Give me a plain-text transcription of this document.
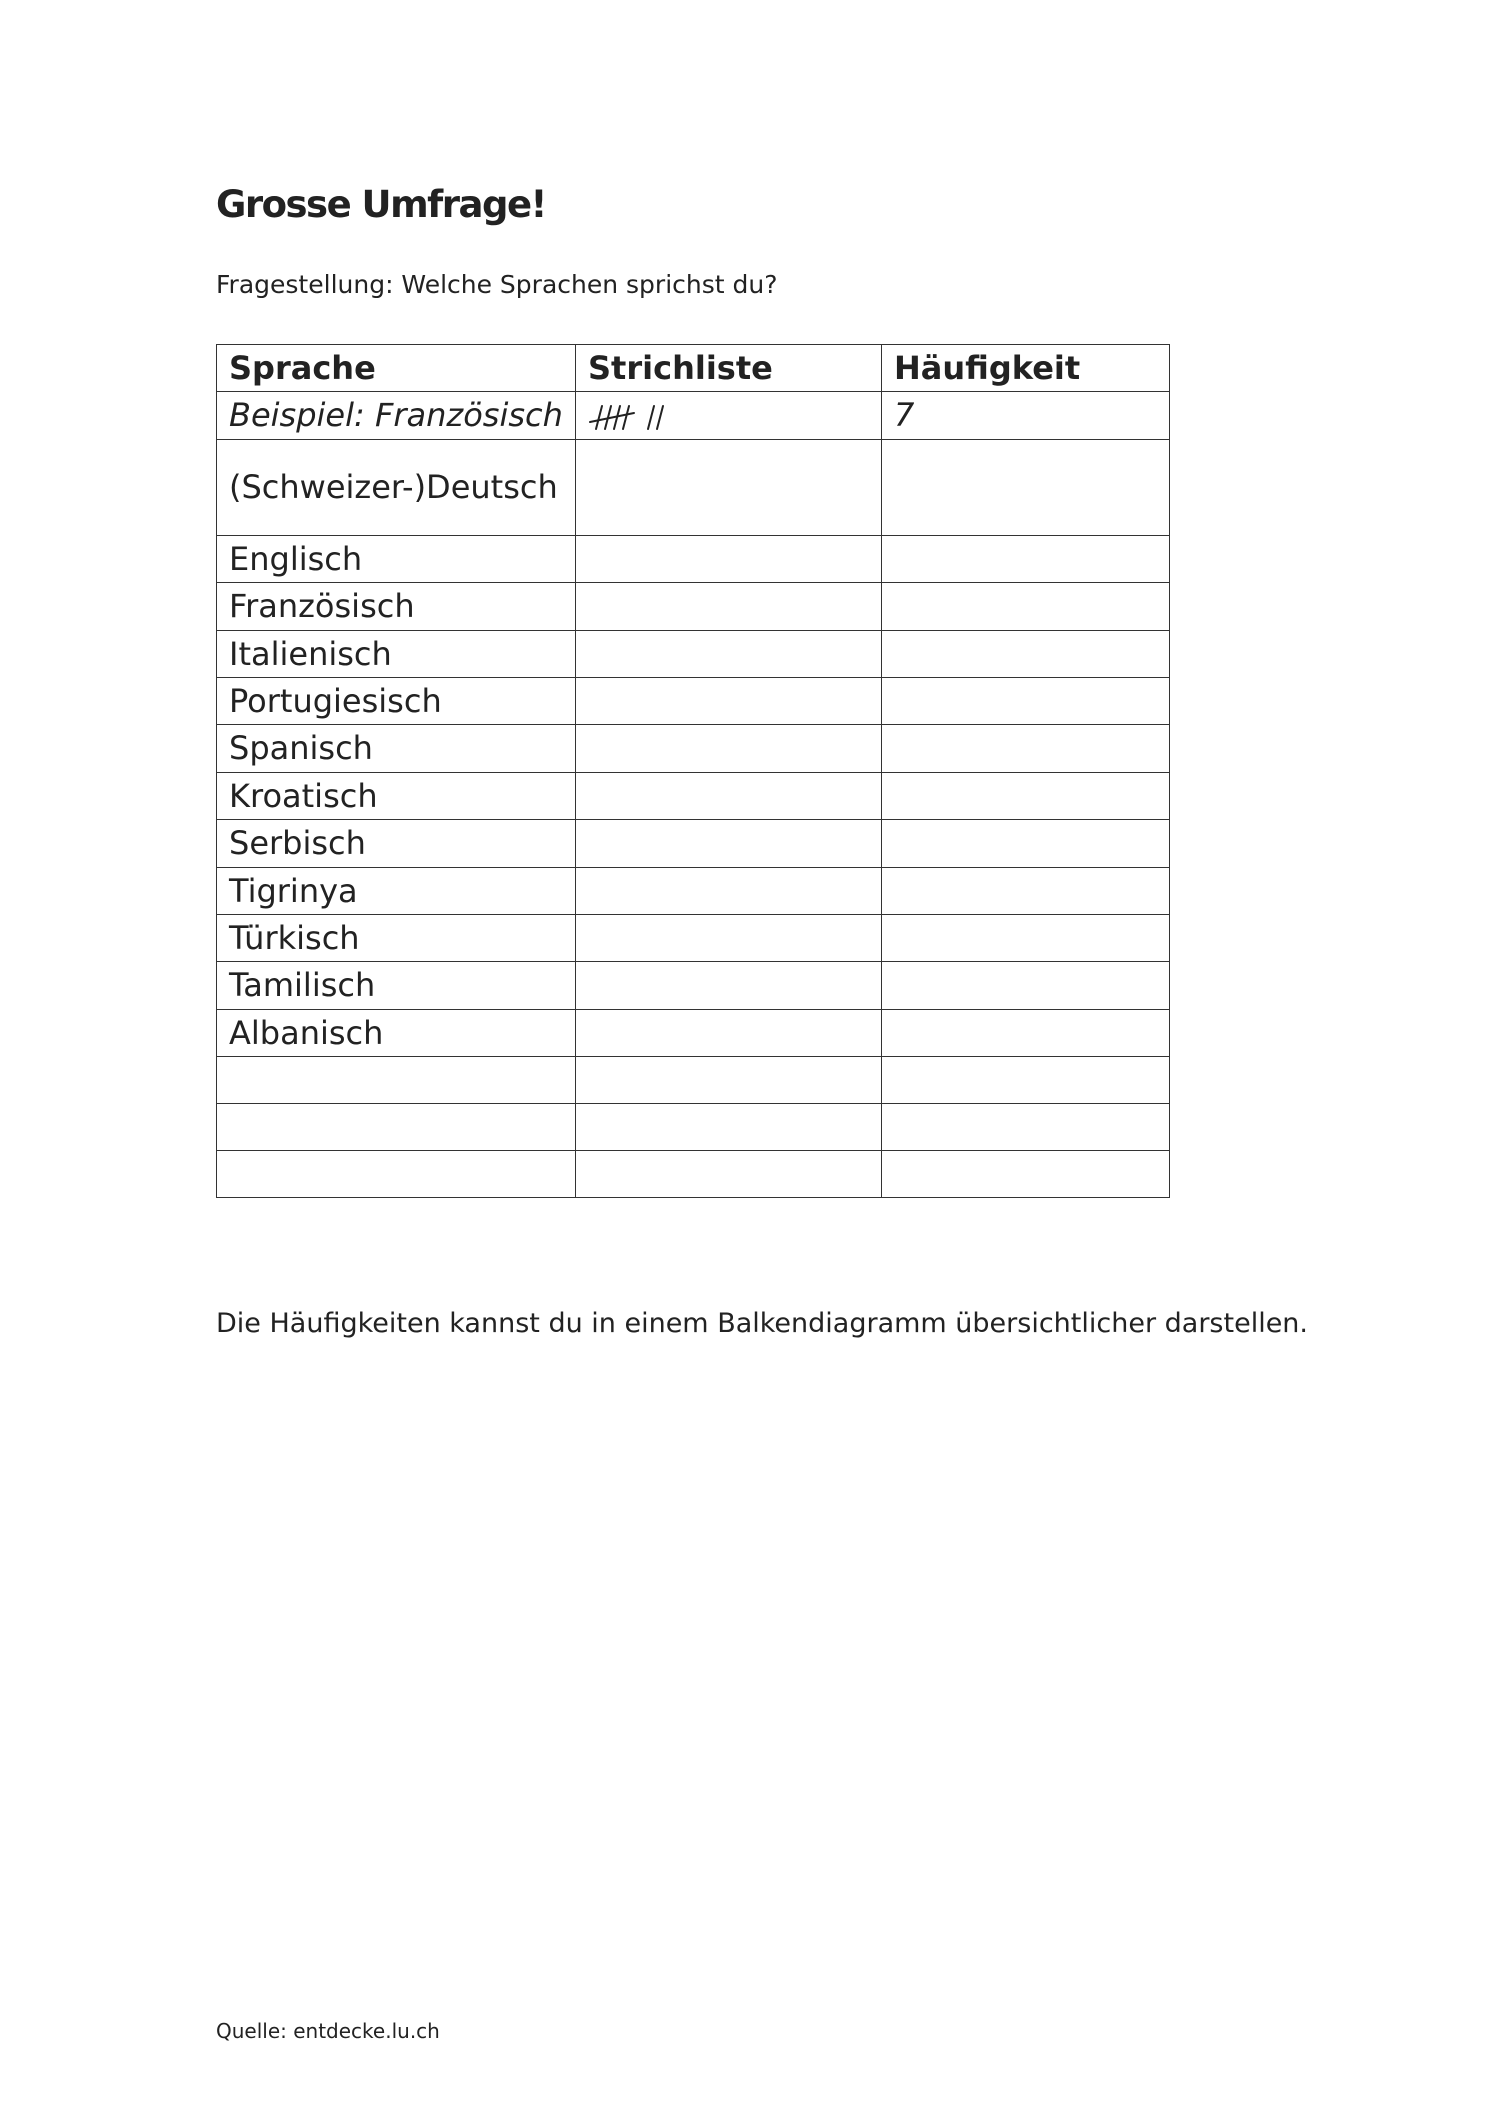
Grosse Umfrage!

Fragestellung: Welche Sprachen sprichst du?

Sprache	Strichliste	Häufigkeit
Beispiel: Französisch		7
(Schweizer-)Deutsch		
Englisch		
Französisch		
Italienisch		
Portugiesisch		
Spanisch		
Kroatisch		
Serbisch		
Tigrinya		
Türkisch		
Tamilisch		
Albanisch		

Die Häufigkeiten kannst du in einem Balkendiagramm übersichtlicher darstellen.

Quelle: entdecke.lu.ch
